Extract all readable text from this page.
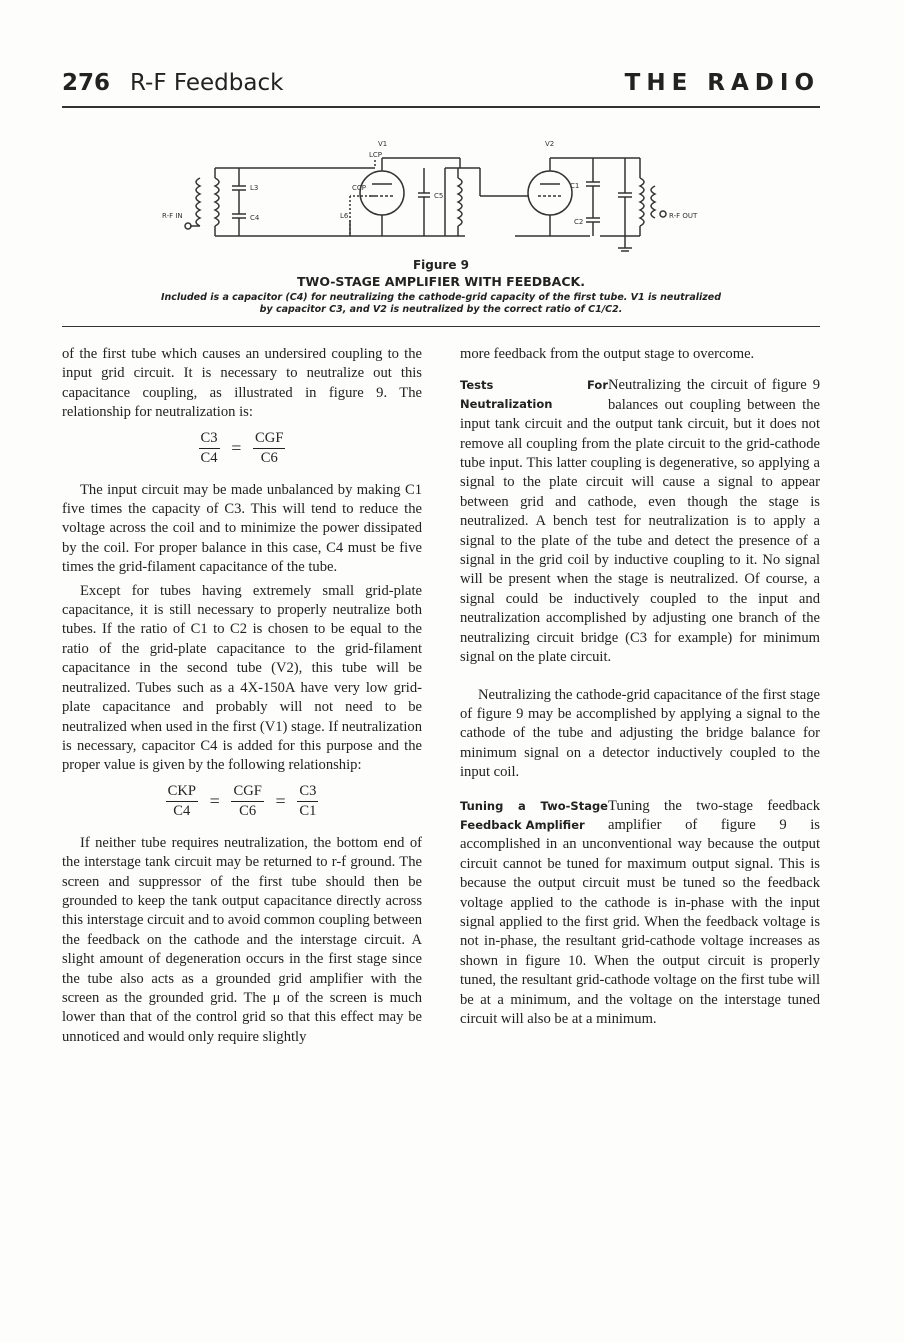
276 R-F Feedback	THE RADIO
V1	V2
LCP
L3
C4
CCP
C5
L6
C1
C2
R-F IN	R-F OUT
Figure 9
TWO-STAGE AMPLIFIER WITH FEEDBACK.
Included is a capacitor (C4) for neutralizing the cathode-grid capacity of the first tube. V1 is neutralized
by capacitor C3, and V2 is neutralized by the correct ratio of C1/C2.

of the first tube which causes an undersired coupling to the input grid circuit. It is necessary to neutralize out this capacitance coupling, as illustrated in figure 9. The relationship for neutralization is:

$\frac{C3}{C4} = \frac{\text{CGF}}{C6}$

The input circuit may be made unbalanced by making C1 five times the capacity of C3. This will tend to reduce the voltage across the coil and to minimize the power dissipated by the coil. For proper balance in this case, C4 must be five times the grid-filament capacitance of the tube.

Except for tubes having extremely small grid-plate capacitance, it is still necessary to properly neutralize both tubes. If the ratio of C1 to C2 is chosen to be equal to the ratio of the grid-plate capacitance to the grid-filament capacitance in the second tube (V2), this tube will be neutralized. Tubes such as a 4X-150A have very low grid-plate capacitance and probably will not need to be neutralized when used in the first (V1) stage. If neutralization is necessary, capacitor C4 is added for this purpose and the proper value is given by the following relationship:

$\frac{\text{CKP}}{C4} = \frac{\text{CGF}}{C6} = \frac{C3}{C1}$

If neither tube requires neutralization, the bottom end of the interstage tank circuit may be returned to r-f ground. The screen and suppressor of the first tube should then be grounded to keep the tank output capacitance directly across this interstage circuit and to avoid common coupling between the feedback on the cathode and the interstage circuit. A slight amount of degeneration occurs in the first stage since the tube also acts as a grounded grid amplifier with the screen as the grounded grid. The μ of the screen is much lower than that of the control grid so that this effect may be unnoticed and would only require slightly

more feedback from the output stage to overcome.

Tests For Neutralization

Neutralizing the circuit of figure 9 balances out coupling between the input tank circuit and the output tank circuit, but it does not remove all coupling from the plate circuit to the grid-cathode tube input. This latter coupling is degenerative, so applying a signal to the plate circuit will cause a signal to appear between grid and cathode, even though the stage is neutralized. A bench test for neutralization is to apply a signal to the plate of the tube and detect the presence of a signal in the grid coil by inductive coupling to it. No signal will be present when the stage is neutralized. Of course, a signal could be inductively coupled to the input and neutralization accomplished by adjusting one branch of the neutralizing circuit bridge (C3 for example) for minimum signal on the plate circuit.

Neutralizing the cathode-grid capacitance of the first stage of figure 9 may be accomplished by applying a signal to the cathode of the tube and adjusting the bridge balance for minimum signal on a detector inductively coupled to the input coil.

Tuning a Two-Stage Feedback Amplifier

Tuning the two-stage feedback amplifier of figure 9 is accomplished in an unconventional way because the output circuit cannot be tuned for maximum output signal. This is because the output circuit must be tuned so the feedback voltage applied to the cathode is in-phase with the input signal applied to the first grid. When the feedback voltage is not in-phase, the resultant grid-cathode voltage increases as shown in figure 10. When the output circuit is properly tuned, the resultant grid-cathode voltage on the first tube will be at a minimum, and the voltage on the interstage tuned circuit will also be at a minimum.
